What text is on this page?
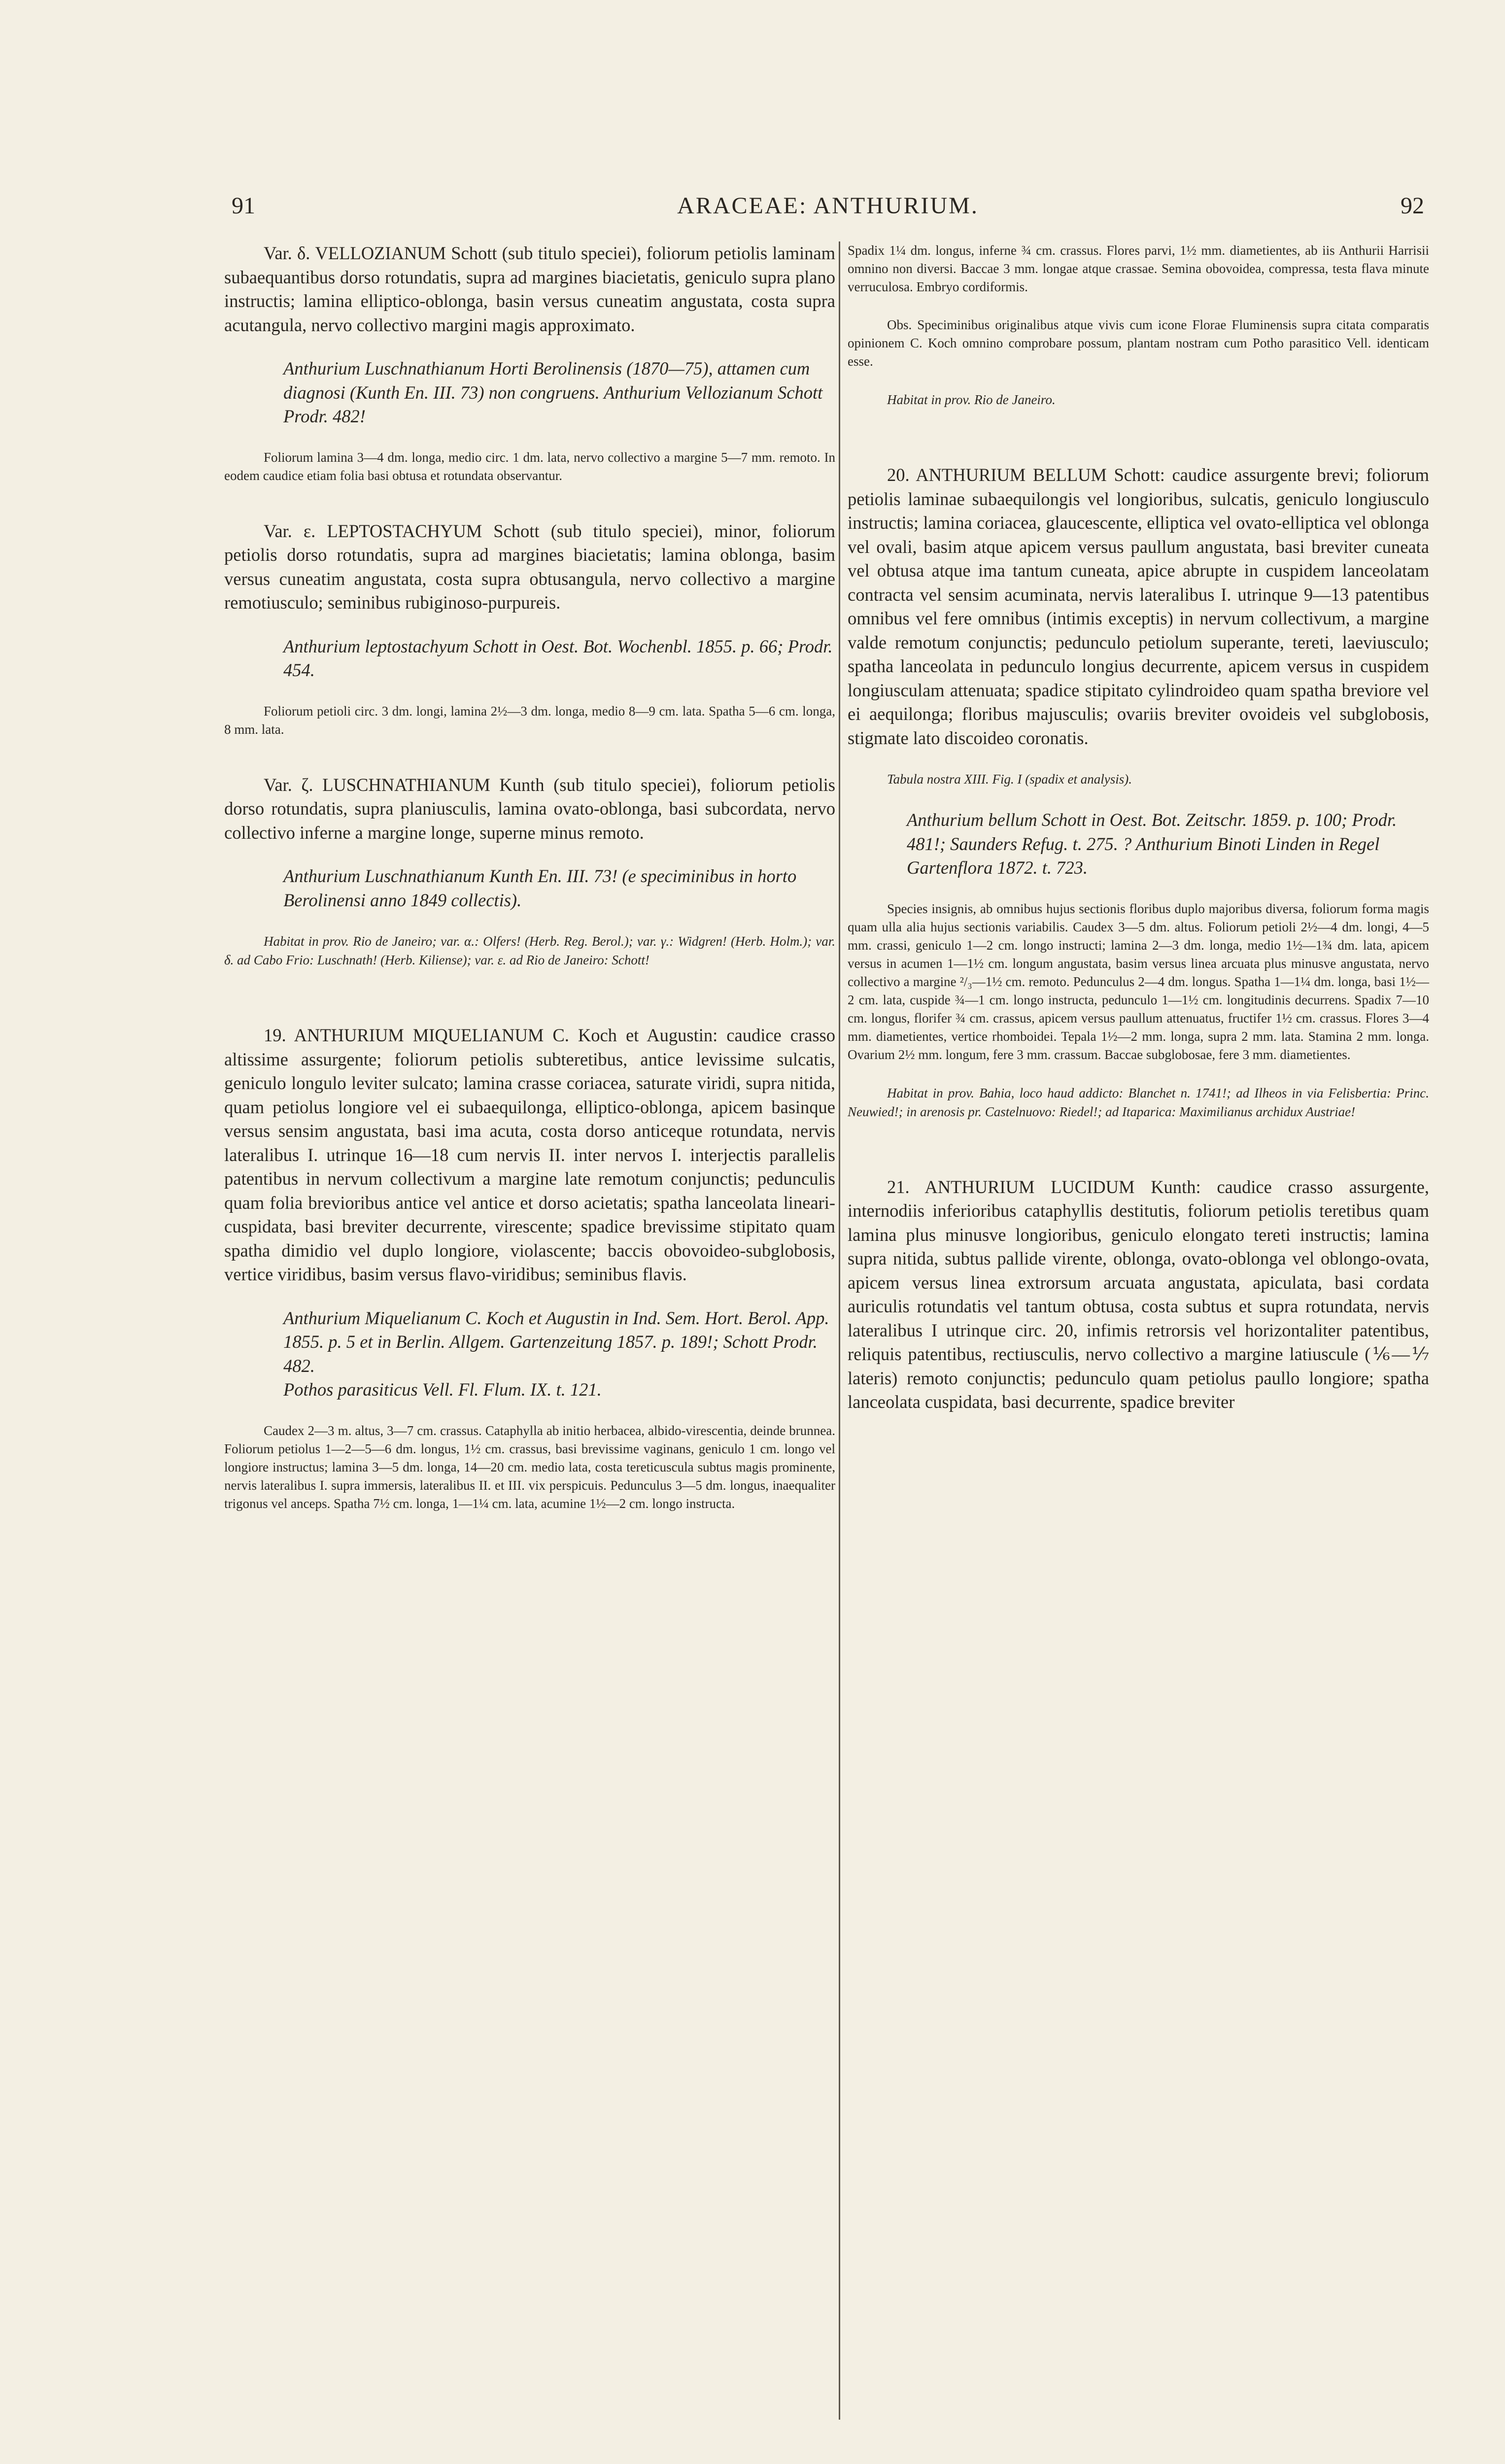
91	ARACEAE: ANTHURIUM.	92

Var. δ. VELLOZIANUM Schott (sub titulo speciei), foliorum petiolis laminam subaequantibus dorso rotundatis, supra ad margines biacietatis, geniculo supra plano instructis; lamina elliptico-oblonga, basin versus cuneatim angustata, costa supra acutangula, nervo collectivo margini magis approximato.

Anthurium Luschnathianum Horti Berolinensis (1870—75), attamen cum diagnosi (Kunth En. III. 73) non congruens. Anthurium Vellozianum Schott Prodr. 482!

Foliorum lamina 3—4 dm. longa, medio circ. 1 dm. lata, nervo collectivo a margine 5—7 mm. remoto. In eodem caudice etiam folia basi obtusa et rotundata observantur.

Var. ε. LEPTOSTACHYUM Schott (sub titulo speciei), minor, foliorum petiolis dorso rotundatis, supra ad margines biacietatis; lamina oblonga, basim versus cuneatim angustata, costa supra obtusangula, nervo collectivo a margine remotiusculo; seminibus rubiginoso-purpureis.

Anthurium leptostachyum Schott in Oest. Bot. Wochenbl. 1855. p. 66; Prodr. 454.

Foliorum petioli circ. 3 dm. longi, lamina 2½—3 dm. longa, medio 8—9 cm. lata. Spatha 5—6 cm. longa, 8 mm. lata.

Var. ζ. LUSCHNATHIANUM Kunth (sub titulo speciei), foliorum petiolis dorso rotundatis, supra planiusculis, lamina ovato-oblonga, basi subcordata, nervo collectivo inferne a margine longe, superne minus remoto.

Anthurium Luschnathianum Kunth En. III. 73! (e speciminibus in horto Berolinensi anno 1849 collectis).

Habitat in prov. Rio de Janeiro; var. α.: Olfers! (Herb. Reg. Berol.); var. γ.: Widgren! (Herb. Holm.); var. δ. ad Cabo Frio: Luschnath! (Herb. Kiliense); var. ε. ad Rio de Janeiro: Schott!

19. ANTHURIUM MIQUELIANUM C. Koch et Augustin: caudice crasso altissime assurgente; foliorum petiolis subteretibus, antice levissime sulcatis, geniculo longulo leviter sulcato; lamina crasse coriacea, saturate viridi, supra nitida, quam petiolus longiore vel ei subaequilonga, elliptico-oblonga, apicem basinque versus sensim angustata, basi ima acuta, costa dorso anticeque rotundata, nervis lateralibus I. utrinque 16—18 cum nervis II. inter nervos I. interjectis parallelis patentibus in nervum collectivum a margine late remotum conjunctis; pedunculis quam folia brevioribus antice vel antice et dorso acietatis; spatha lanceolata lineari-cuspidata, basi breviter decurrente, virescente; spadice brevissime stipitato quam spatha dimidio vel duplo longiore, violascente; baccis obovoideo-subglobosis, vertice viridibus, basim versus flavo-viridibus; seminibus flavis.

Anthurium Miquelianum C. Koch et Augustin in Ind. Sem. Hort. Berol. App. 1855. p. 5 et in Berlin. Allgem. Gartenzeitung 1857. p. 189!; Schott Prodr. 482.

Pothos parasiticus Vell. Fl. Flum. IX. t. 121.

Caudex 2—3 m. altus, 3—7 cm. crassus. Cataphylla ab initio herbacea, albido-virescentia, deinde brunnea. Foliorum petiolus 1—2—5—6 dm. longus, 1½ cm. crassus, basi brevissime vaginans, geniculo 1 cm. longo vel longiore instructus; lamina 3—5 dm. longa, 14—20 cm. medio lata, costa tereticuscula subtus magis prominente, nervis lateralibus I. supra immersis, lateralibus II. et III. vix perspicuis. Pedunculus 3—5 dm. longus, inaequaliter trigonus vel anceps. Spatha 7½ cm. longa, 1—1¼ cm. lata, acumine 1½—2 cm. longo instructa.

Spadix 1¼ dm. longus, inferne ¾ cm. crassus. Flores parvi, 1½ mm. diametientes, ab iis Anthurii Harrisii omnino non diversi. Baccae 3 mm. longae atque crassae. Semina obovoidea, compressa, testa flava minute verruculosa. Embryo cordiformis.

Obs. Speciminibus originalibus atque vivis cum icone Florae Fluminensis supra citata comparatis opinionem C. Koch omnino comprobare possum, plantam nostram cum Potho parasitico Vell. identicam esse.

Habitat in prov. Rio de Janeiro.

20. ANTHURIUM BELLUM Schott: caudice assurgente brevi; foliorum petiolis laminae subaequilongis vel longioribus, sulcatis, geniculo longiusculo instructis; lamina coriacea, glaucescente, elliptica vel ovato-elliptica vel oblonga vel ovali, basim atque apicem versus paullum angustata, basi breviter cuneata vel obtusa atque ima tantum cuneata, apice abrupte in cuspidem lanceolatam contracta vel sensim acuminata, nervis lateralibus I. utrinque 9—13 patentibus omnibus vel fere omnibus (intimis exceptis) in nervum collectivum, a margine valde remotum conjunctis; pedunculo petiolum superante, tereti, laeviusculo; spatha lanceolata in pedunculo longius decurrente, apicem versus in cuspidem longiusculam attenuata; spadice stipitato cylindroideo quam spatha breviore vel ei aequilonga; floribus majusculis; ovariis breviter ovoideis vel subglobosis, stigmate lato discoideo coronatis.

Tabula nostra XIII. Fig. I (spadix et analysis).

Anthurium bellum Schott in Oest. Bot. Zeitschr. 1859. p. 100; Prodr. 481!; Saunders Refug. t. 275. ? Anthurium Binoti Linden in Regel Gartenflora 1872. t. 723.

Species insignis, ab omnibus hujus sectionis floribus duplo majoribus diversa, foliorum forma magis quam ulla alia hujus sectionis variabilis. Caudex 3—5 dm. altus. Foliorum petioli 2½—4 dm. longi, 4—5 mm. crassi, geniculo 1—2 cm. longo instructi; lamina 2—3 dm. longa, medio 1½—1¾ dm. lata, apicem versus in acumen 1—1½ cm. longum angustata, basim versus linea arcuata plus minusve angustata, nervo collectivo a margine ²/₃—1½ cm. remoto. Pedunculus 2—4 dm. longus. Spatha 1—1¼ dm. longa, basi 1½—2 cm. lata, cuspide ¾—1 cm. longo instructa, pedunculo 1—1½ cm. longitudinis decurrens. Spadix 7—10 cm. longus, florifer ¾ cm. crassus, apicem versus paullum attenuatus, fructifer 1½ cm. crassus. Flores 3—4 mm. diametientes, vertice rhomboidei. Tepala 1½—2 mm. longa, supra 2 mm. lata. Stamina 2 mm. longa. Ovarium 2½ mm. longum, fere 3 mm. crassum. Baccae subglobosae, fere 3 mm. diametientes.

Habitat in prov. Bahia, loco haud addicto: Blanchet n. 1741!; ad Ilheos in via Felisbertia: Princ. Neuwied!; in arenosis pr. Castelnuovo: Riedel!; ad Itaparica: Maximilianus archidux Austriae!

21. ANTHURIUM LUCIDUM Kunth: caudice crasso assurgente, internodiis inferioribus cataphyllis destitutis, foliorum petiolis teretibus quam lamina plus minusve longioribus, geniculo elongato tereti instructis; lamina supra nitida, subtus pallide virente, oblonga, ovato-oblonga vel oblongo-ovata, apicem versus linea extrorsum arcuata angustata, apiculata, basi cordata auriculis rotundatis vel tantum obtusa, costa subtus et supra rotundata, nervis lateralibus I utrinque circ. 20, infimis retrorsis vel horizontaliter patentibus, reliquis patentibus, rectiusculis, nervo collectivo a margine latiuscule (⅙—⅐ lateris) remoto conjunctis; pedunculo quam petiolus paullo longiore; spatha lanceolata cuspidata, basi decurrente, spadice breviter
